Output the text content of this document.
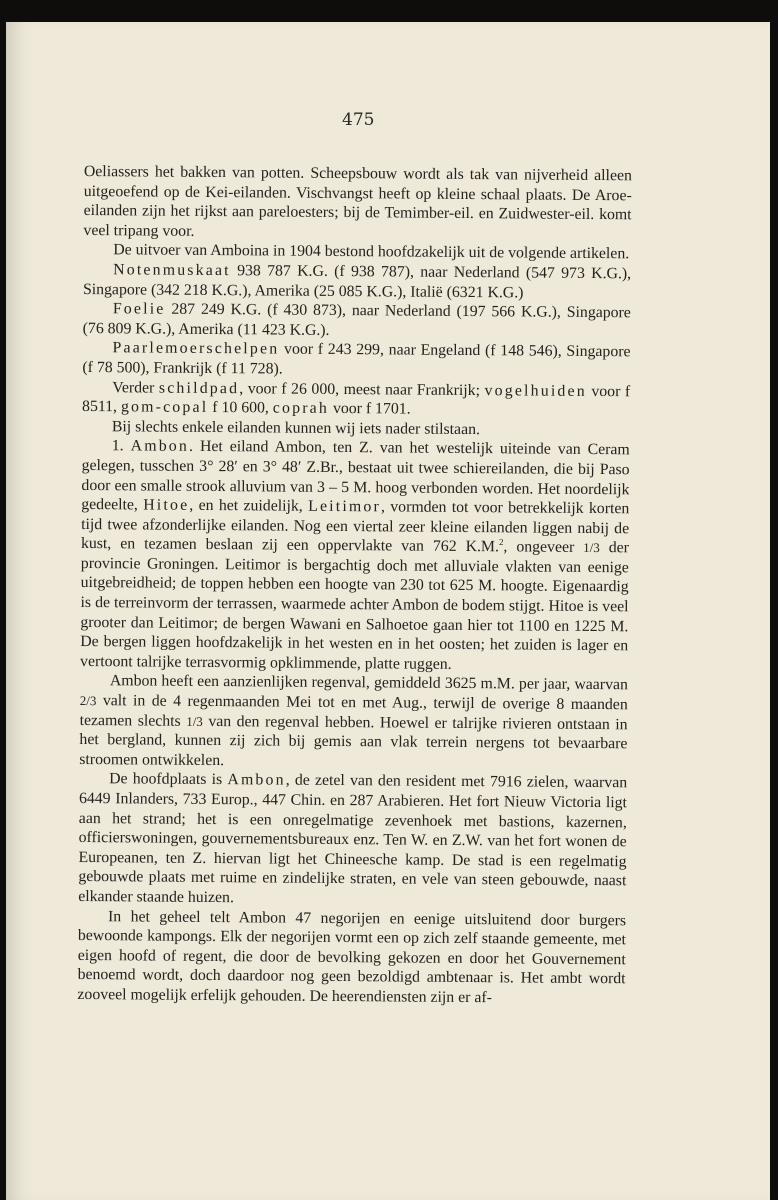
475

Oeliassers het bakken van potten. Scheepsbouw wordt als tak van nijverheid alleen uitgeoefend op de Kei-eilanden. Vischvangst heeft op kleine schaal plaats. De Aroe-eilanden zijn het rijkst aan pareloesters; bij de Temimber-eil. en Zuidwester-eil. komt veel tripang voor.

De uitvoer van Amboina in 1904 bestond hoofdzakelijk uit de volgende artikelen.

Notenmuskaat 938 787 K.G. (f 938 787), naar Nederland (547 973 K.G.), Singapore (342 218 K.G.), Amerika (25 085 K.G.), Italië (6321 K.G.)

Foelie 287 249 K.G. (f 430 873), naar Nederland (197 566 K.G.), Singapore (76 809 K.G.), Amerika (11 423 K.G.).

Paarlemoerschelpen voor f 243 299, naar Engeland (f 148 546), Singapore (f 78 500), Frankrijk (f 11 728).

Verder schildpad, voor f 26 000, meest naar Frankrijk; vogelhuiden voor f 8511, gom-copal f 10 600, coprah voor f 1701.

Bij slechts enkele eilanden kunnen wij iets nader stilstaan.

1. Ambon. Het eiland Ambon, ten Z. van het westelijk uiteinde van Ceram gelegen, tusschen 3° 28′ en 3° 48′ Z.Br., bestaat uit twee schiereilanden, die bij Paso door een smalle strook alluvium van 3 – 5 M. hoog verbonden worden. Het noordelijk gedeelte, Hitoe, en het zuidelijk, Leitimor, vormden tot voor betrekkelijk korten tijd twee afzonderlijke eilanden. Nog een viertal zeer kleine eilanden liggen nabij de kust, en tezamen beslaan zij een oppervlakte van 762 K.M.$^2$, ongeveer 1/3 der provincie Groningen. Leitimor is bergachtig doch met alluviale vlakten van eenige uitgebreidheid; de toppen hebben een hoogte van 230 tot 625 M. hoogte. Eigenaardig is de terreinvorm der terrassen, waarmede achter Ambon de bodem stijgt. Hitoe is veel grooter dan Leitimor; de bergen Wawani en Salhoetoe gaan hier tot 1100 en 1225 M. De bergen liggen hoofdzakelijk in het westen en in het oosten; het zuiden is lager en vertoont talrijke terrasvormig opklimmende, platte ruggen.

Ambon heeft een aanzienlijken regenval, gemiddeld 3625 m.M. per jaar, waarvan 2/3 valt in de 4 regenmaanden Mei tot en met Aug., terwijl de overige 8 maanden tezamen slechts 1/3 van den regenval hebben. Hoewel er talrijke rivieren ontstaan in het bergland, kunnen zij zich bij gemis aan vlak terrein nergens tot bevaarbare stroomen ontwikkelen.

De hoofdplaats is Ambon, de zetel van den resident met 7916 zielen, waarvan 6449 Inlanders, 733 Europ., 447 Chin. en 287 Arabieren. Het fort Nieuw Victoria ligt aan het strand; het is een onregelmatige zevenhoek met bastions, kazernen, officierswoningen, gouvernementsbureaux enz. Ten W. en Z.W. van het fort wonen de Europeanen, ten Z. hiervan ligt het Chineesche kamp. De stad is een regelmatig gebouwde plaats met ruime en zindelijke straten, en vele van steen gebouwde, naast elkander staande huizen.

In het geheel telt Ambon 47 negorijen en eenige uitsluitend door burgers bewoonde kampongs. Elk der negorijen vormt een op zich zelf staande gemeente, met eigen hoofd of regent, die door de bevolking gekozen en door het Gouvernement benoemd wordt, doch daardoor nog geen bezoldigd ambtenaar is. Het ambt wordt zooveel mogelijk erfelijk gehouden. De heerendiensten zijn er af-
